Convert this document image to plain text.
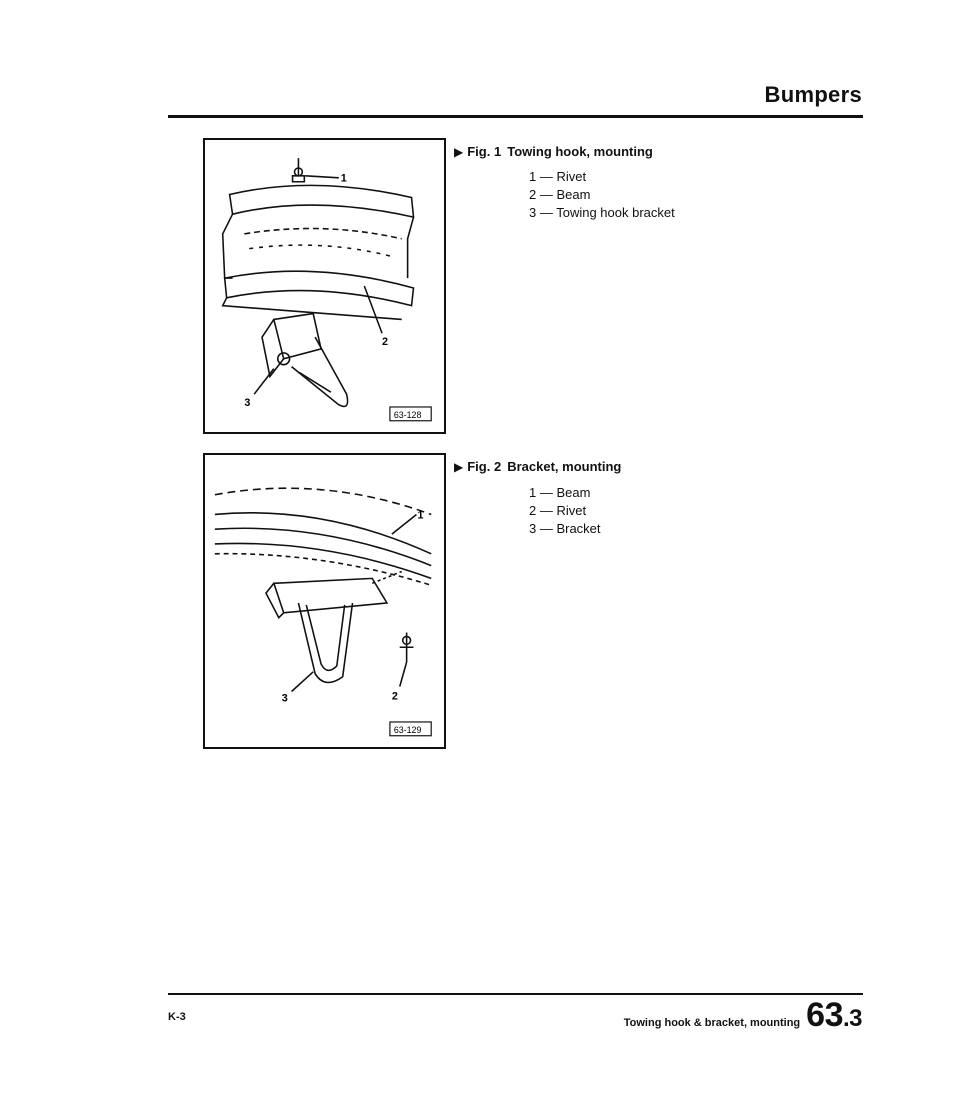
Bumpers
1
2
3
63-128
▶ Fig. 1 Towing hook, mounting
1 — Rivet
2 — Beam
3 — Towing hook bracket
1
2
3
63-129
▶ Fig. 2 Bracket, mounting
1 — Beam
2 — Rivet
3 — Bracket
K-3	Towing hook & bracket, mounting 63.3
